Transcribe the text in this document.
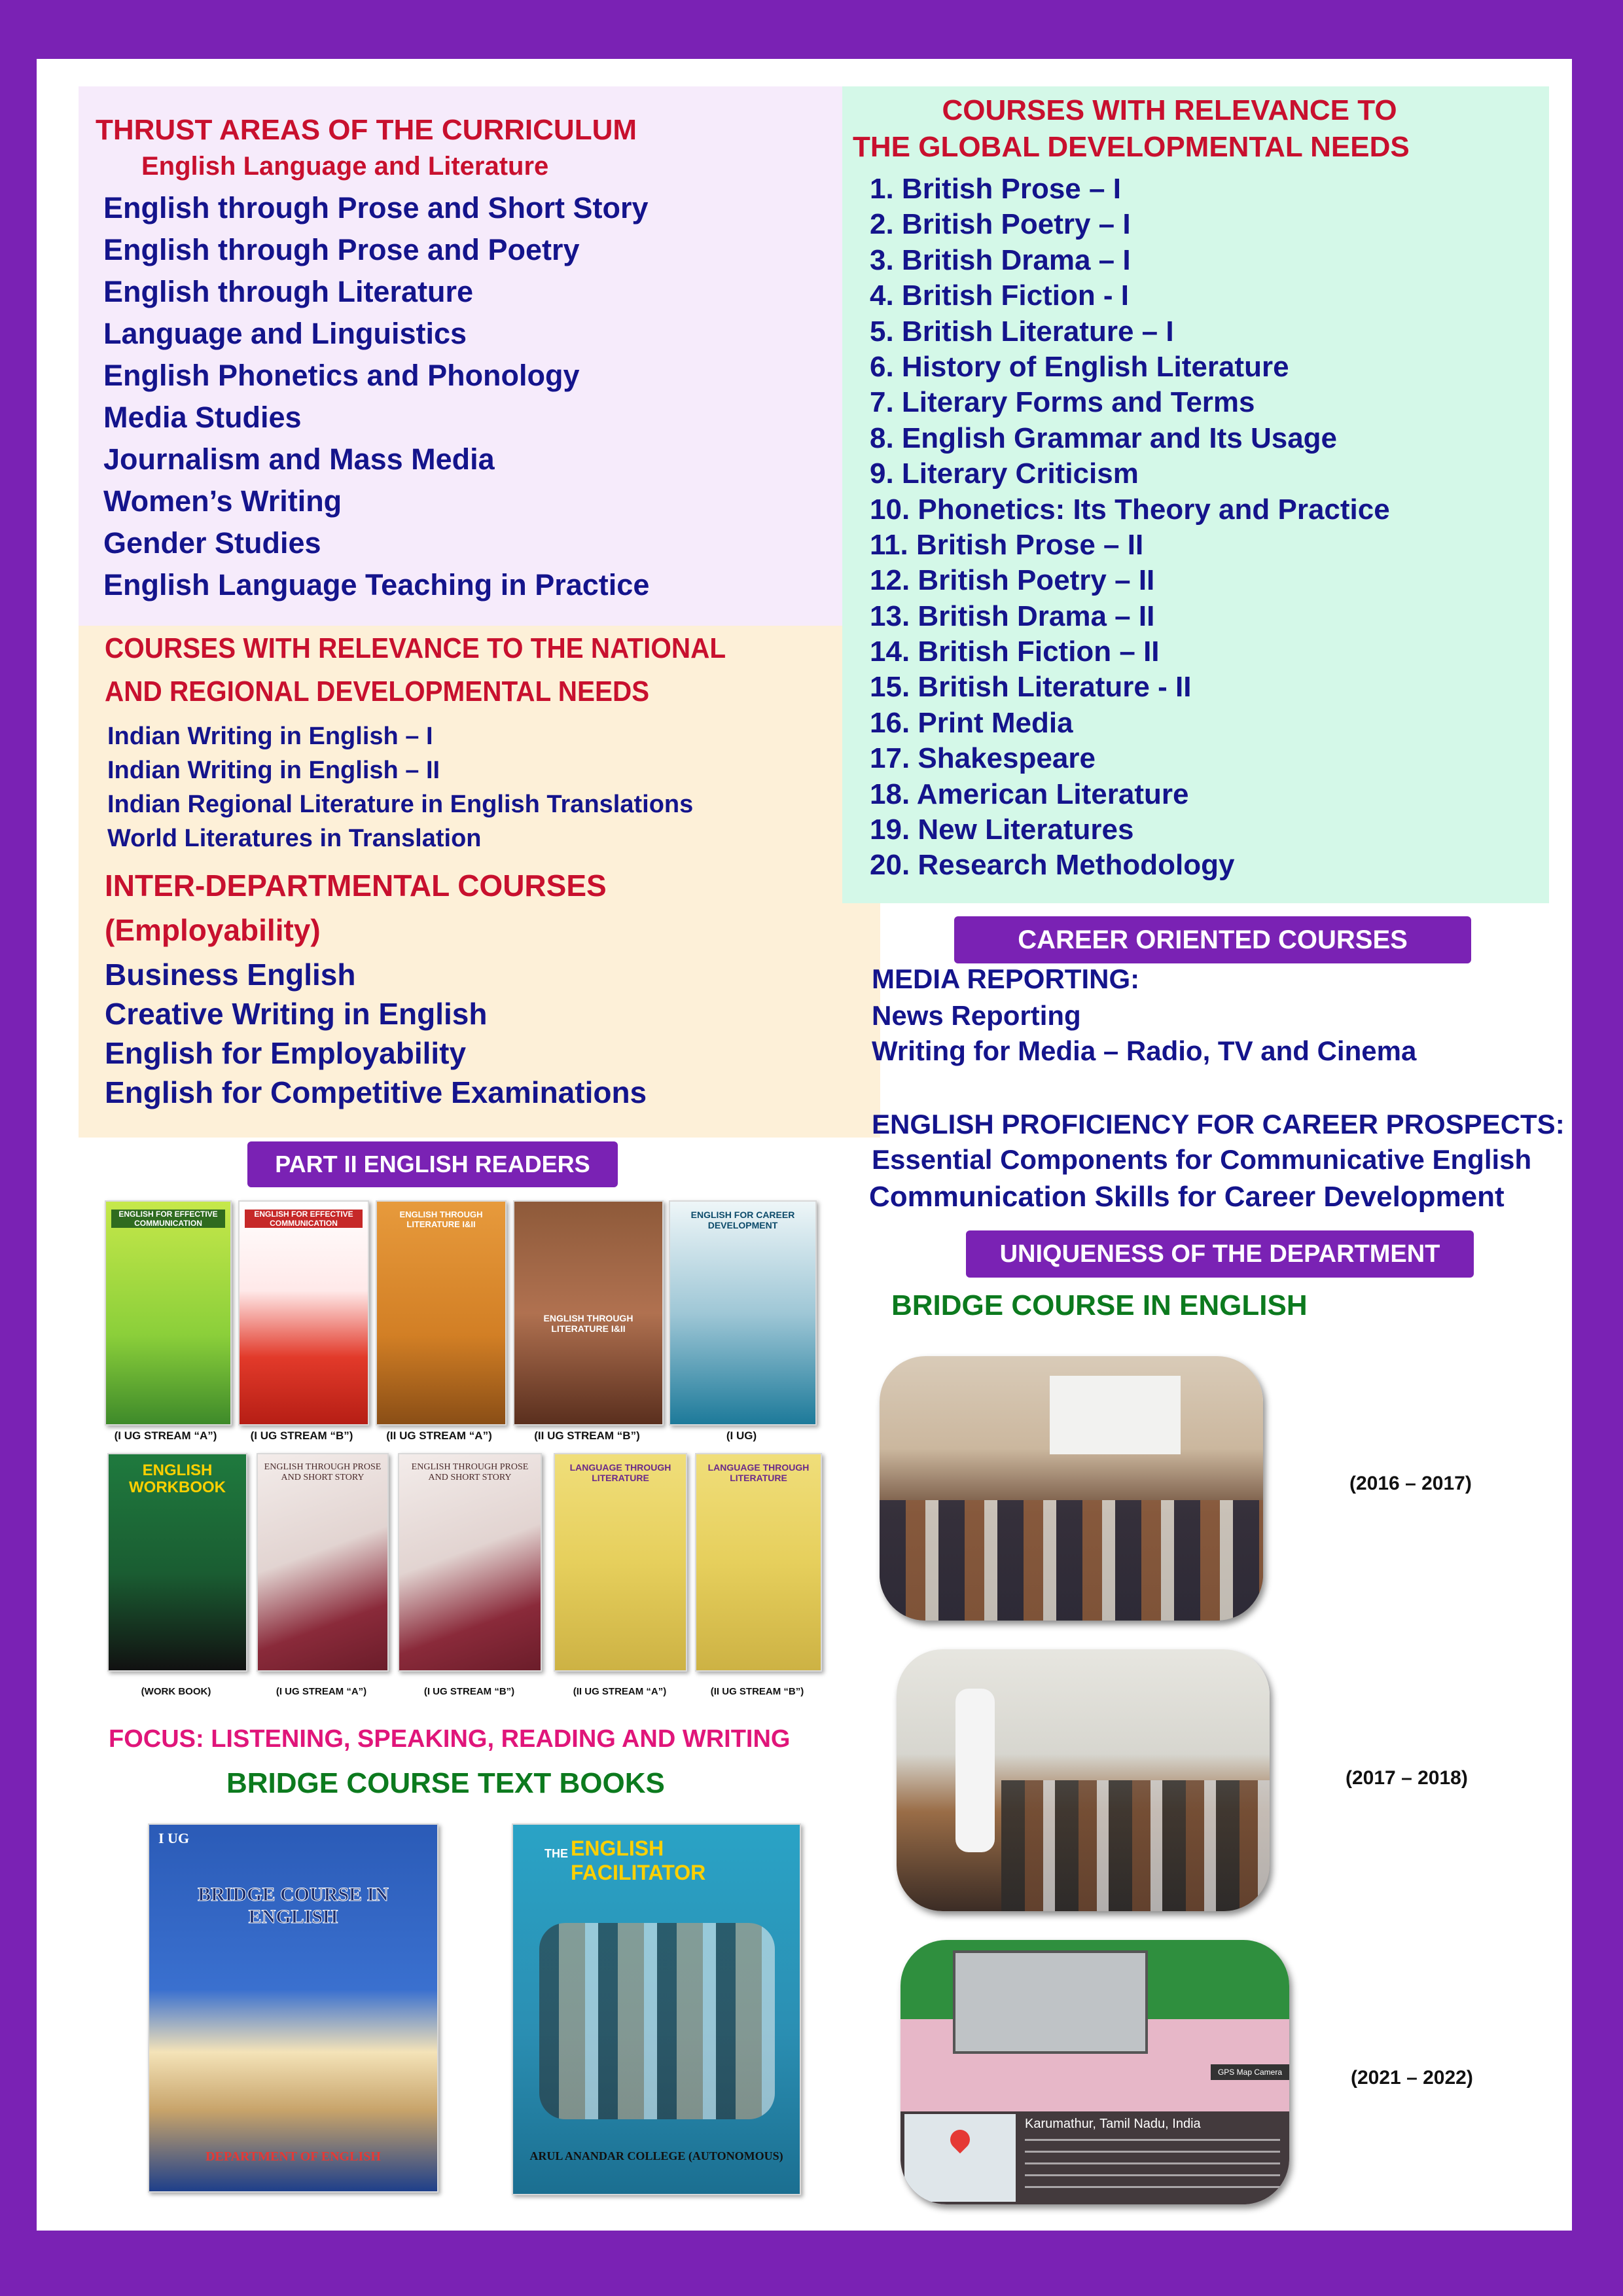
THRUST AREAS OF THE CURRICULUM
English Language and Literature
English through Prose and Short Story
English through Prose and Poetry
English through Literature
Language and Linguistics
English Phonetics and Phonology
Media Studies
Journalism and Mass Media
Women’s Writing
Gender Studies
English Language Teaching in Practice
COURSES WITH RELEVANCE TO THE NATIONAL
AND REGIONAL DEVELOPMENTAL NEEDS
Indian Writing in English – I
Indian Writing in English – II
Indian Regional Literature in English Translations
World Literatures in Translation
INTER-DEPARTMENTAL COURSES
(Employability)
Business English
Creative Writing in English
English for Employability
English for Competitive Examinations
COURSES WITH RELEVANCE TO
THE GLOBAL DEVELOPMENTAL NEEDS
1. British Prose – I
2. British Poetry – I
3. British Drama – I
4. British Fiction - I
5. British Literature – I
6. History of English Literature
7. Literary Forms and Terms
8. English Grammar and Its Usage
9. Literary Criticism
10. Phonetics: Its Theory and Practice
11. British Prose – II
12. British Poetry – II
13. British Drama – II
14. British Fiction – II
15. British Literature - II
16. Print Media
17. Shakespeare
18. American Literature
19. New Literatures
20. Research Methodology
CAREER ORIENTED COURSES
MEDIA REPORTING:
News Reporting
Writing for Media – Radio, TV and Cinema
ENGLISH PROFICIENCY FOR CAREER PROSPECTS:
Essential Components for Communicative English
Communication Skills for Career Development
UNIQUENESS OF THE DEPARTMENT
BRIDGE COURSE IN ENGLISH
(2016 – 2017)
(2017 – 2018)
GPS Map Camera
Karumathur, Tamil Nadu, India
(2021 – 2022)
PART II ENGLISH READERS
ENGLISH FOR EFFECTIVE COMMUNICATION
ENGLISH FOR EFFECTIVE COMMUNICATION
ENGLISH THROUGH LITERATURE I&II
ENGLISH THROUGH LITERATURE I&II
ENGLISH FOR CAREER DEVELOPMENT
(I UG STREAM “A”)	(I UG STREAM “B”)	(II UG STREAM “A”)	(II UG STREAM “B”)	(I UG)
ENGLISH WORKBOOK
ENGLISH THROUGH PROSE AND SHORT STORY
ENGLISH THROUGH PROSE AND SHORT STORY
LANGUAGE THROUGH LITERATURE
LANGUAGE THROUGH LITERATURE
(WORK BOOK)	(I UG STREAM “A”)	(I UG STREAM “B”)	(II UG STREAM “A”)	(II UG STREAM “B”)
FOCUS: LISTENING, SPEAKING, READING AND WRITING
BRIDGE COURSE TEXT BOOKS
I UG
BRIDGE COURSE IN ENGLISH
DEPARTMENT OF ENGLISH
THE ENGLISH FACILITATOR
ARUL ANANDAR COLLEGE (AUTONOMOUS)
